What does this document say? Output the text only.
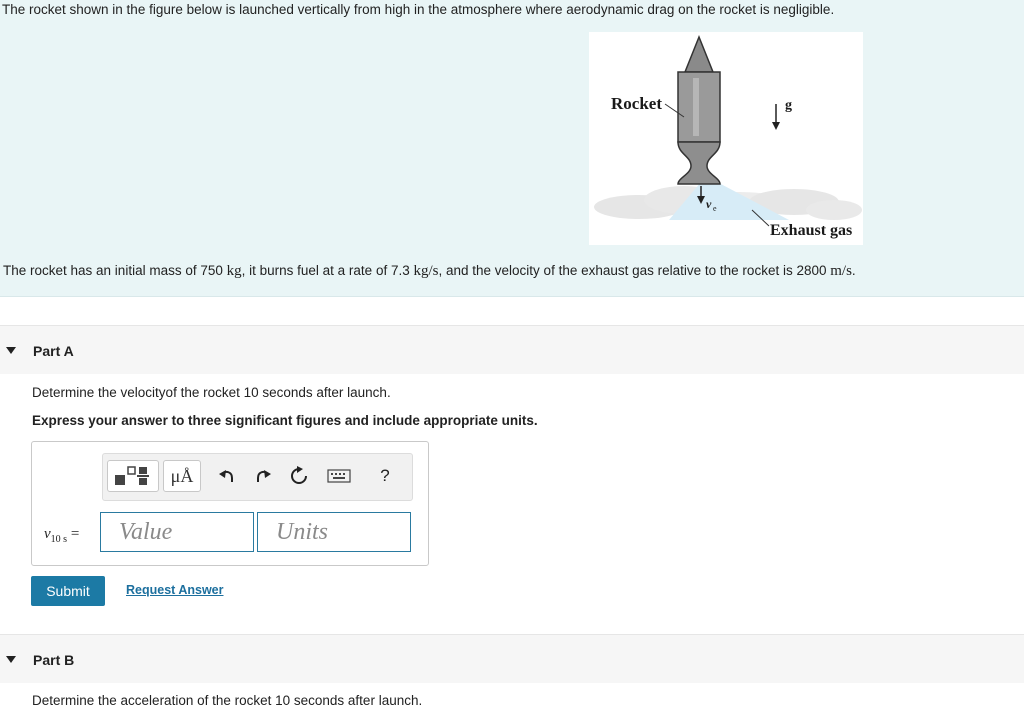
The rocket shown in the figure below is launched vertically from high in the atmosphere where aerodynamic drag on the rocket is negligible.
Rocket	g
v e
Exhaust gas
The rocket has an initial mass of 750 kg, it burns fuel at a rate of 7.3 kg/s, and the velocity of the exhaust gas relative to the rocket is 2800 m/s.
Part A
Determine the velocityof the rocket 10 seconds after launch.
Express your answer to three significant figures and include appropriate units.
μÅ	?
$v_{10 s}$ =	Value	Units
Submit	Request Answer
Part B
Determine the acceleration of the rocket 10 seconds after launch.
